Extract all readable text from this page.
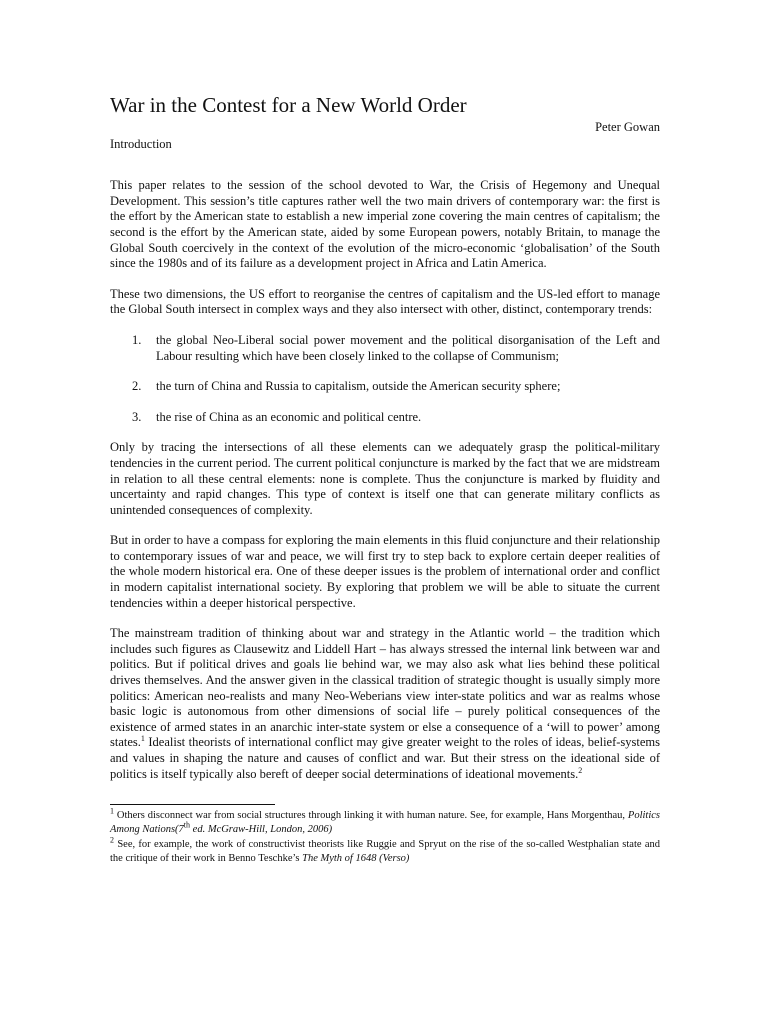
War in the Contest for a New World Order
Peter Gowan
Introduction

This paper relates to the session of the school devoted to War, the Crisis of Hegemony and Unequal Development. This session’s title captures rather well the two main drivers of contemporary war: the first is the effort by the American state to establish a new imperial zone covering the main centres of capitalism; the second is the effort by the American state, aided by some European powers, notably Britain, to manage the Global South coercively in the context of the evolution of the micro-economic ‘globalisation’ of the South since the 1980s and of its failure as a development project in Africa and Latin America.

These two dimensions, the US effort to reorganise the centres of capitalism and the US-led effort to manage the Global South intersect in complex ways and they also intersect with other, distinct, contemporary trends:

1. the global Neo-Liberal social power movement and the political disorganisation of the Left and Labour resulting which have been closely linked to the collapse of Communism;
2. the turn of China and Russia to capitalism, outside the American security sphere;
3. the rise of China as an economic and political centre.

Only by tracing the intersections of all these elements can we adequately grasp the political-military tendencies in the current period. The current political conjuncture is marked by the fact that we are midstream in relation to all these central elements: none is complete. Thus the conjuncture is marked by fluidity and uncertainty and rapid changes. This type of context is itself one that can generate military conflicts as unintended consequences of complexity.

But in order to have a compass for exploring the main elements in this fluid conjuncture and their relationship to contemporary issues of war and peace, we will first try to step back to explore certain deeper realities of the whole modern historical era. One of these deeper issues is the problem of international order and conflict in modern capitalist international society. By exploring that problem we will be able to situate the current tendencies within a deeper historical perspective.

The mainstream tradition of thinking about war and strategy in the Atlantic world – the tradition which includes such figures as Clausewitz and Liddell Hart – has always stressed the internal link between war and politics. But if political drives and goals lie behind war, we may also ask what lies behind these political drives themselves. And the answer given in the classical tradition of strategic thought is usually simply more politics: American neo-realists and many Neo-Weberians view inter-state politics and war as realms whose basic logic is autonomous from other dimensions of social life – purely political consequences of the existence of armed states in an anarchic inter-state system or else a consequence of a ‘will to power’ among states.$^1$ Idealist theorists of international conflict may give greater weight to the roles of ideas, belief-systems and values in shaping the nature and causes of conflict and war. But their stress on the ideational side of politics is itself typically also bereft of deeper social determinations of ideational movements.$^2$

$^1$ Others disconnect war from social structures through linking it with human nature. See, for example, Hans Morgenthau, Politics Among Nations(7th ed. McGraw-Hill, London, 2006)

$^2$ See, for example, the work of constructivist theorists like Ruggie and Spryut on the rise of the so-called Westphalian state and the critique of their work in Benno Teschke’s The Myth of 1648 (Verso)
